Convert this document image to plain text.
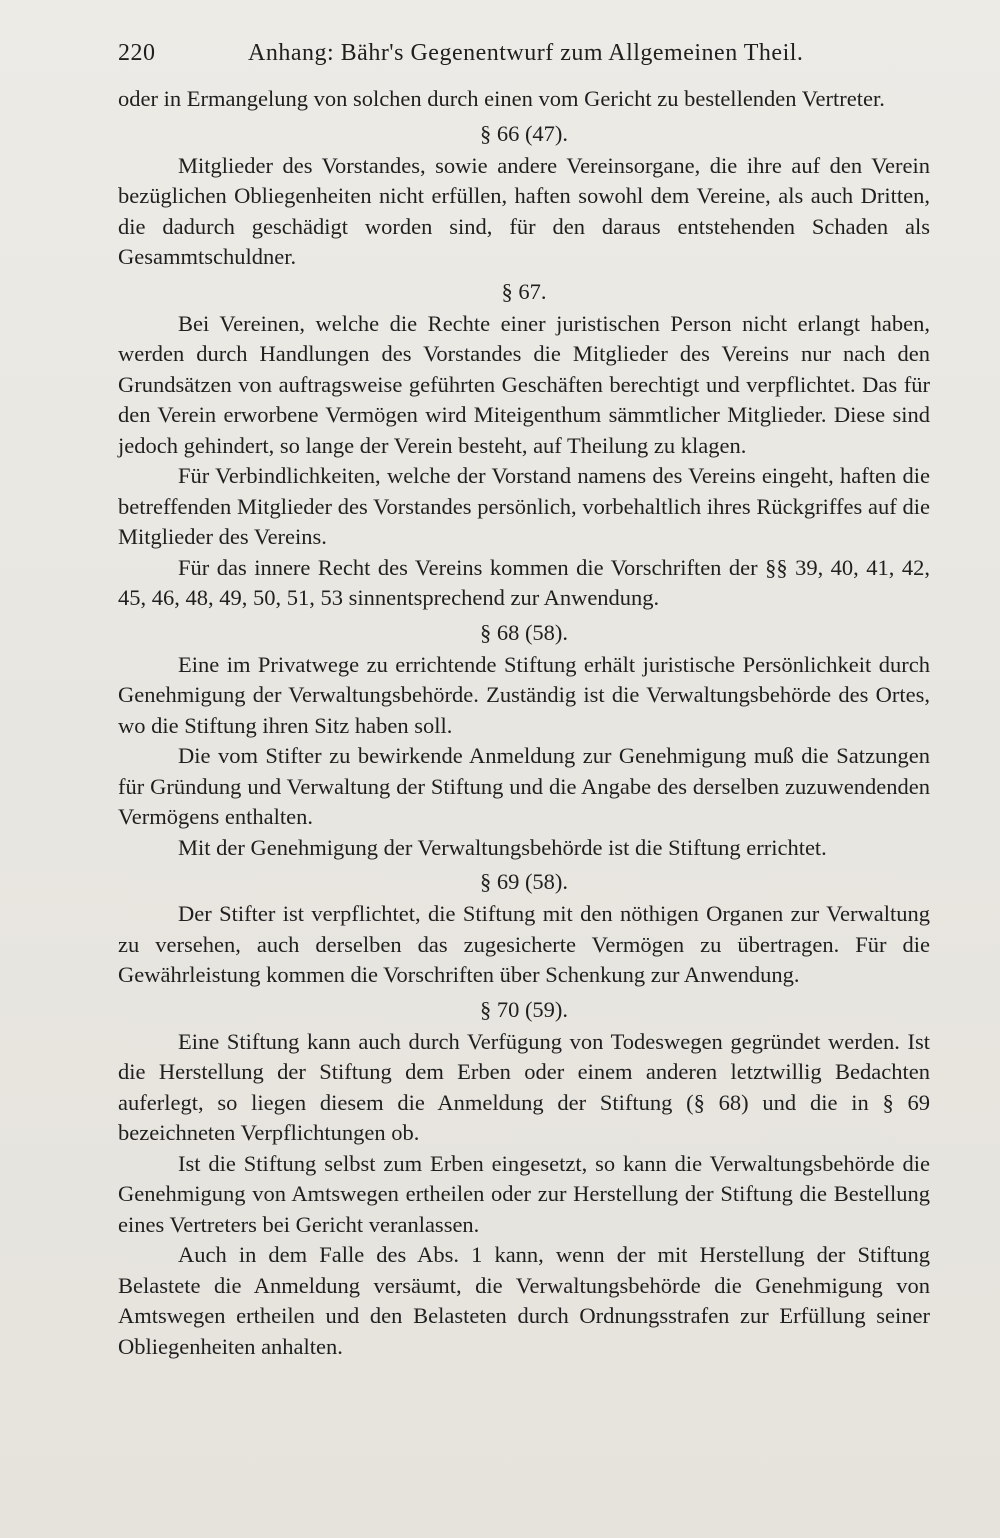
220	Anhang: Bähr's Gegenentwurf zum Allgemeinen Theil.

oder in Ermangelung von solchen durch einen vom Gericht zu bestellenden Vertreter.

§ 66 (47).

Mitglieder des Vorstandes, sowie andere Vereinsorgane, die ihre auf den Verein bezüglichen Obliegenheiten nicht erfüllen, haften sowohl dem Vereine, als auch Dritten, die dadurch geschädigt worden sind, für den daraus entstehenden Schaden als Gesammtschuldner.

§ 67.

Bei Vereinen, welche die Rechte einer juristischen Person nicht erlangt haben, werden durch Handlungen des Vorstandes die Mitglieder des Vereins nur nach den Grundsätzen von auftragsweise geführten Geschäften berechtigt und verpflichtet. Das für den Verein erworbene Vermögen wird Miteigenthum sämmtlicher Mitglieder. Diese sind jedoch gehindert, so lange der Verein besteht, auf Theilung zu klagen.

Für Verbindlichkeiten, welche der Vorstand namens des Vereins eingeht, haften die betreffenden Mitglieder des Vorstandes persönlich, vorbehaltlich ihres Rückgriffes auf die Mitglieder des Vereins.

Für das innere Recht des Vereins kommen die Vorschriften der §§ 39, 40, 41, 42, 45, 46, 48, 49, 50, 51, 53 sinnentsprechend zur Anwendung.

§ 68 (58).

Eine im Privatwege zu errichtende Stiftung erhält juristische Persönlichkeit durch Genehmigung der Verwaltungsbehörde. Zuständig ist die Verwaltungsbehörde des Ortes, wo die Stiftung ihren Sitz haben soll.

Die vom Stifter zu bewirkende Anmeldung zur Genehmigung muß die Satzungen für Gründung und Verwaltung der Stiftung und die Angabe des derselben zuzuwendenden Vermögens enthalten.

Mit der Genehmigung der Verwaltungsbehörde ist die Stiftung errichtet.

§ 69 (58).

Der Stifter ist verpflichtet, die Stiftung mit den nöthigen Organen zur Verwaltung zu versehen, auch derselben das zugesicherte Vermögen zu übertragen. Für die Gewährleistung kommen die Vorschriften über Schenkung zur Anwendung.

§ 70 (59).

Eine Stiftung kann auch durch Verfügung von Todeswegen gegründet werden. Ist die Herstellung der Stiftung dem Erben oder einem anderen letztwillig Bedachten auferlegt, so liegen diesem die Anmeldung der Stiftung (§ 68) und die in § 69 bezeichneten Verpflichtungen ob.

Ist die Stiftung selbst zum Erben eingesetzt, so kann die Verwaltungsbehörde die Genehmigung von Amtswegen ertheilen oder zur Herstellung der Stiftung die Bestellung eines Vertreters bei Gericht veranlassen.

Auch in dem Falle des Abs. 1 kann, wenn der mit Herstellung der Stiftung Belastete die Anmeldung versäumt, die Verwaltungsbehörde die Genehmigung von Amtswegen ertheilen und den Belasteten durch Ordnungsstrafen zur Erfüllung seiner Obliegenheiten anhalten.
